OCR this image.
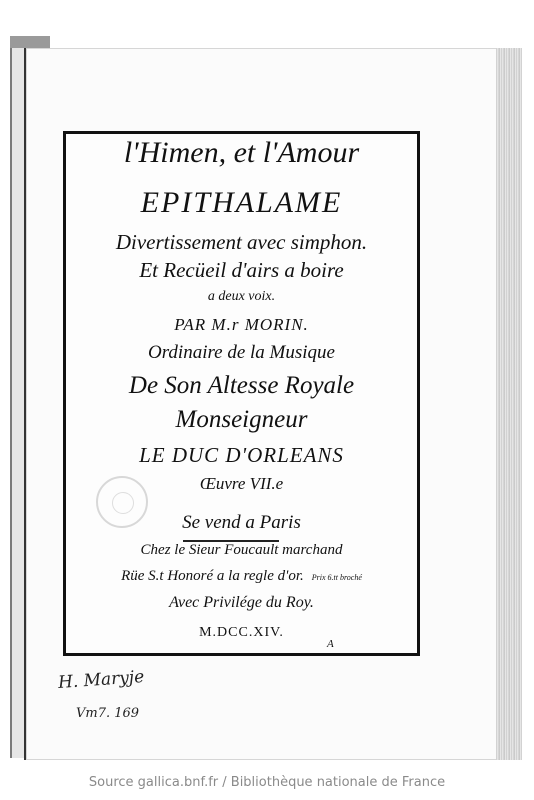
l'Himen, et l'Amour
EPITHALAME
Divertissement avec simphon.
Et Recüeil d'airs a boire
a deux voix.
PAR M.r MORIN.
Ordinaire de la Musique
De Son Altesse Royale
Monseigneur
LE DUC D'ORLEANS
Œuvre VII.e
Se vend a Paris
Chez le Sieur Foucault marchand
Rüe S.t Honoré a la regle d'or. Prix 6.tt broché
Avec Privilége du Roy.
M.DCC.XIV.
A
H. Maryje
Vm7. 169
Source gallica.bnf.fr / Bibliothèque nationale de France
